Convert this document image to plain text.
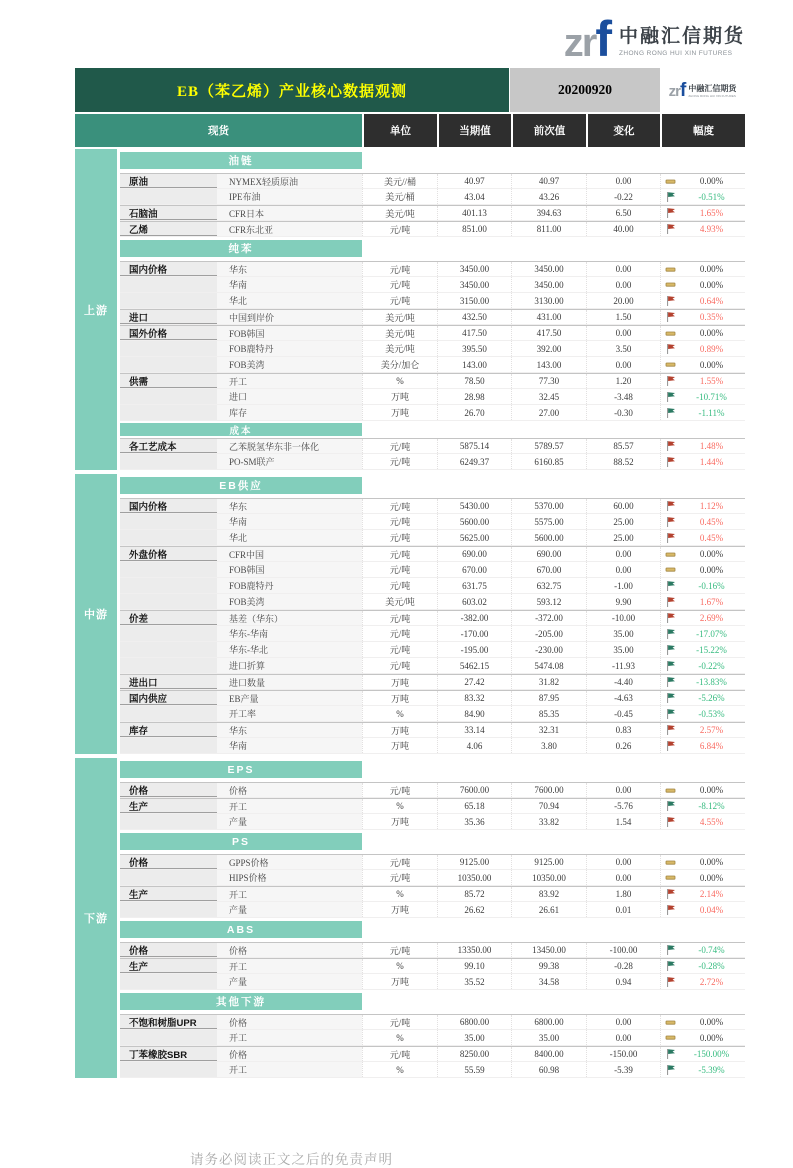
zrf 中融汇信期货
ZHONG RONG HUI XIN FUTURES
EB（苯乙烯）产业核心数据观测	20200920	zrf 中融汇信期货
ZHONG RONG HUI XIN FUTURES
现货	单位	当期值	前次值	变化	幅度
上游
油链
原油	NYMEX轻质原油	美元//桶	40.97	40.97	0.00	0.00%
IPE布油	美元/桶	43.04	43.26	-0.22	-0.51%
石脑油	CFR日本	美元/吨	401.13	394.63	6.50	1.65%
乙烯	CFR东北亚	元/吨	851.00	811.00	40.00	4.93%
纯苯
国内价格	华东	元/吨	3450.00	3450.00	0.00	0.00%
华南	元/吨	3450.00	3450.00	0.00	0.00%
华北	元/吨	3150.00	3130.00	20.00	0.64%
进口	中国到岸价	美元/吨	432.50	431.00	1.50	0.35%
国外价格	FOB韩国	美元/吨	417.50	417.50	0.00	0.00%
FOB鹿特丹	美元/吨	395.50	392.00	3.50	0.89%
FOB美湾	美分/加仑	143.00	143.00	0.00	0.00%
供需	开工	%	78.50	77.30	1.20	1.55%
进口	万吨	28.98	32.45	-3.48	-10.71%
库存	万吨	26.70	27.00	-0.30	-1.11%
成本
各工艺成本	乙苯脱氢华东非一体化	元/吨	5875.14	5789.57	85.57	1.48%
PO-SM联产	元/吨	6249.37	6160.85	88.52	1.44%
中游
EB供应
国内价格	华东	元/吨	5430.00	5370.00	60.00	1.12%
华南	元/吨	5600.00	5575.00	25.00	0.45%
华北	元/吨	5625.00	5600.00	25.00	0.45%
外盘价格	CFR中国	元/吨	690.00	690.00	0.00	0.00%
FOB韩国	元/吨	670.00	670.00	0.00	0.00%
FOB鹿特丹	元/吨	631.75	632.75	-1.00	-0.16%
FOB美湾	美元/吨	603.02	593.12	9.90	1.67%
价差	基差（华东）	元/吨	-382.00	-372.00	-10.00	2.69%
华东-华南	元/吨	-170.00	-205.00	35.00	-17.07%
华东-华北	元/吨	-195.00	-230.00	35.00	-15.22%
进口折算	元/吨	5462.15	5474.08	-11.93	-0.22%
进出口	进口数量	万吨	27.42	31.82	-4.40	-13.83%
国内供应	EB产量	万吨	83.32	87.95	-4.63	-5.26%
开工率	%	84.90	85.35	-0.45	-0.53%
库存	华东	万吨	33.14	32.31	0.83	2.57%
华南	万吨	4.06	3.80	0.26	6.84%
下游
EPS
价格	价格	元/吨	7600.00	7600.00	0.00	0.00%
生产	开工	%	65.18	70.94	-5.76	-8.12%
产量	万吨	35.36	33.82	1.54	4.55%
PS
价格	GPPS价格	元/吨	9125.00	9125.00	0.00	0.00%
HIPS价格	元/吨	10350.00	10350.00	0.00	0.00%
生产	开工	%	85.72	83.92	1.80	2.14%
产量	万吨	26.62	26.61	0.01	0.04%
ABS
价格	价格	元/吨	13350.00	13450.00	-100.00	-0.74%
生产	开工	%	99.10	99.38	-0.28	-0.28%
产量	万吨	35.52	34.58	0.94	2.72%
其他下游
不饱和树脂UPR	价格	元/吨	6800.00	6800.00	0.00	0.00%
开工	%	35.00	35.00	0.00	0.00%
丁苯橡胶SBR	价格	元/吨	8250.00	8400.00	-150.00	-150.00%
开工	%	55.59	60.98	-5.39	-5.39%
请务必阅读正文之后的免责声明
